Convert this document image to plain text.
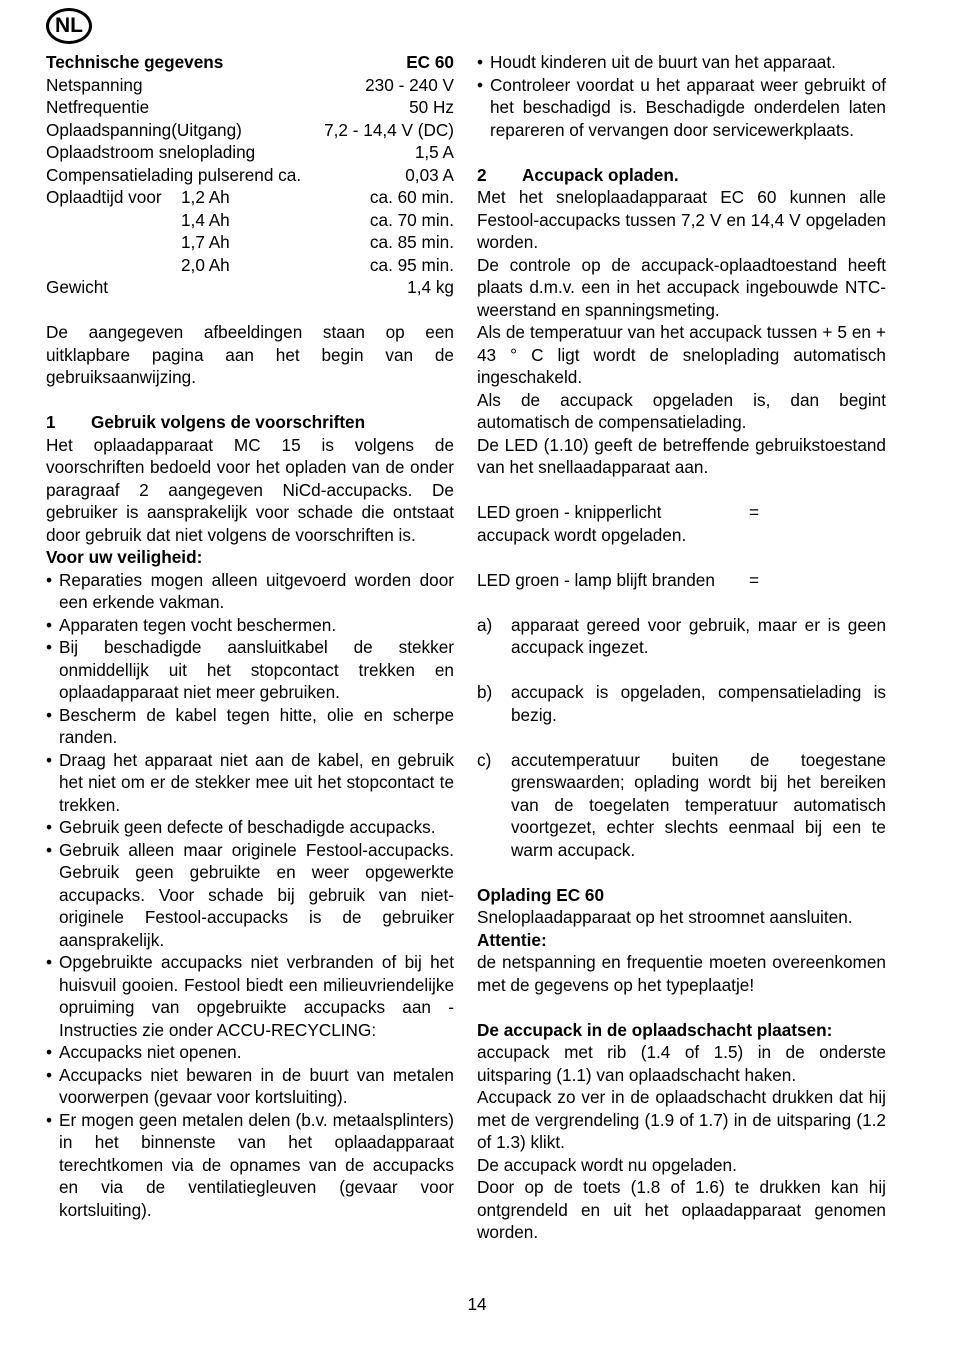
NL
Technische gegevens	EC 60
Netspanning	230 - 240 V
Netfrequentie	50 Hz
Oplaadspanning(Uitgang)	7,2 - 14,4 V (DC)
Oplaadstroom sneloplading	1,5 A
Compensatielading pulserend ca.	0,03 A
Oplaadtijd voor 1,2 Ah	ca. 60 min.
1,4 Ah	ca. 70 min.
1,7 Ah	ca. 85 min.
2,0 Ah	ca. 95 min.
Gewicht	1,4 kg

De aangegeven afbeeldingen staan op een uitklapbare pagina aan het begin van de gebruiksaanwijzing.

1 Gebruik volgens de voorschriften

Het oplaadapparaat MC 15 is volgens de voorschriften bedoeld voor het opladen van de onder paragraaf 2 aangegeven NiCd-accupacks. De gebruiker is aansprakelijk voor schade die ontstaat door gebruik dat niet volgens de voorschriften is.

Voor uw veiligheid:
• Reparaties mogen alleen uitgevoerd worden door een erkende vakman.
• Apparaten tegen vocht beschermen.
• Bij beschadigde aansluitkabel de stekker onmiddellijk uit het stopcontact trekken en oplaadapparaat niet meer gebruiken.
• Bescherm de kabel tegen hitte, olie en scherpe randen.
• Draag het apparaat niet aan de kabel, en gebruik het niet om er de stekker mee uit het stopcontact te trekken.
• Gebruik geen defecte of beschadigde accupacks.
• Gebruik alleen maar originele Festool-accupacks. Gebruik geen gebruikte en weer opgewerkte accupacks. Voor schade bij gebruik van niet-originele Festool-accupacks is de gebruiker aansprakelijk.
• Opgebruikte accupacks niet verbranden of bij het huisvuil gooien. Festool biedt een milieuvriendelijke opruiming van opgebruikte accupacks aan - Instructies zie onder ACCU-RECYCLING:
• Accupacks niet openen.
• Accupacks niet bewaren in de buurt van metalen voorwerpen (gevaar voor kortsluiting).
• Er mogen geen metalen delen (b.v. metaalsplinters) in het binnenste van het oplaadapparaat terechtkomen via de opnames van de accupacks en via de ventilatiegleuven (gevaar voor kortsluiting).
• Houdt kinderen uit de buurt van het apparaat.
• Controleer voordat u het apparaat weer gebruikt of het beschadigd is. Beschadigde onderdelen laten repareren of vervangen door servicewerkplaats.
2 Accupack opladen.

Met het sneloplaadapparaat EC 60 kunnen alle Festool-accupacks tussen 7,2 V en 14,4 V opgeladen worden.

De controle op de accupack-oplaadtoestand heeft plaats d.m.v. een in het accupack ingebouwde NTC-weerstand en spanningsmeting.

Als de temperatuur van het accupack tussen + 5 en + 43 ° C ligt wordt de sneloplading automatisch ingeschakeld.

Als de accupack opgeladen is, dan begint automatisch de compensatielading.

De LED (1.10) geeft de betreffende gebruikstoestand van het snellaadapparaat aan.

LED groen - knipperlicht	=

accupack wordt opgeladen.

LED groen - lamp blijft branden	=
a)	apparaat gereed voor gebruik, maar er is geen accupack ingezet.
b)	accupack is opgeladen, compensatielading is bezig.
c)	accutemperatuur buiten de toegestane grenswaarden; oplading wordt bij het bereiken van de toegelaten temperatuur automatisch voortgezet, echter slechts eenmaal bij een te warm accupack.
Oplading EC 60

Sneloplaadapparaat op het stroomnet aansluiten.

Attentie:

de netspanning en frequentie moeten overeenkomen met de gegevens op het typeplaatje!

De accupack in de oplaadschacht plaatsen:

accupack met rib (1.4 of 1.5) in de onderste uitsparing (1.1) van oplaadschacht haken.

Accupack zo ver in de oplaadschacht drukken dat hij met de vergrendeling (1.9 of 1.7) in de uitsparing (1.2 of 1.3) klikt.

De accupack wordt nu opgeladen.

Door op de toets (1.8 of 1.6) te drukken kan hij ontgrendeld en uit het oplaadapparaat genomen worden.

14
